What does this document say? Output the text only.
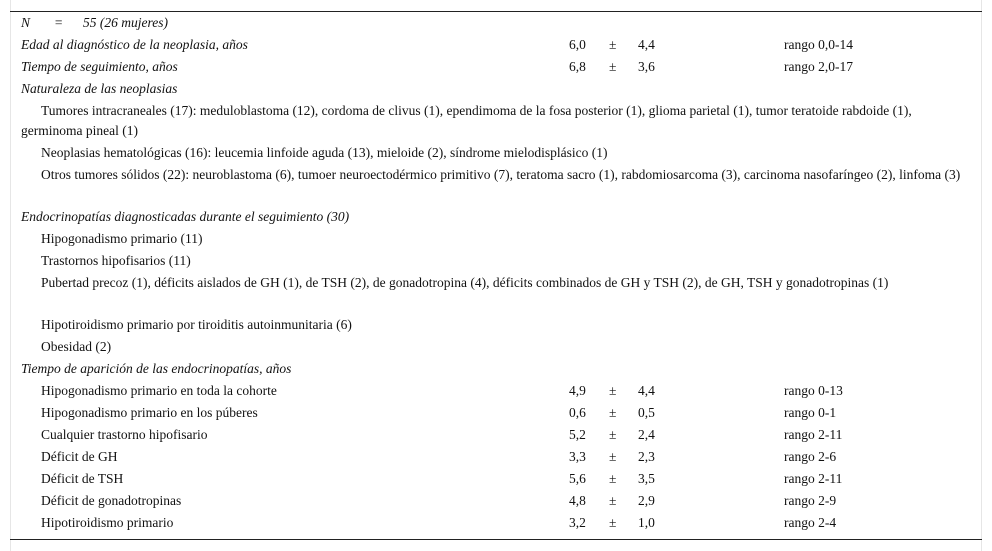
N	= 55 (26 mujeres)
Edad al diagnóstico de la neoplasia, años	6,0 ± 4,4	rango 0,0-14
Tiempo de seguimiento, años	6,8 ± 3,6	rango 2,0-17
Naturaleza de las neoplasias
Tumores intracraneales (17): meduloblastoma (12), cordoma de clivus (1), ependimoma de la fosa posterior (1), glioma parietal (1), tumor teratoide rabdoide (1), germinoma pineal (1)
Neoplasias hematológicas (16): leucemia linfoide aguda (13), mieloide (2), síndrome mielodisplásico (1)
Otros tumores sólidos (22): neuroblastoma (6), tumoer neuroectodérmico primitivo (7), teratoma sacro (1), rabdomiosarcoma (3), carcinoma nasofaríngeo (2), linfoma (3)
Endocrinopatías diagnosticadas durante el seguimiento (30)
Hipogonadismo primario (11)
Trastornos hipofisarios (11)
Pubertad precoz (1), déficits aislados de GH (1), de TSH (2), de gonadotropina (4), déficits combinados de GH y TSH (2), de GH, TSH y gonadotropinas (1)
Hipotiroidismo primario por tiroiditis autoinmunitaria (6)
Obesidad (2)
Tiempo de aparición de las endocrinopatías, años
Hipogonadismo primario en toda la cohorte	4,9 ± 4,4	rango 0-13
Hipogonadismo primario en los púberes	0,6 ± 0,5	rango 0-1
Cualquier trastorno hipofisario	5,2 ± 2,4	rango 2-11
Déficit de GH	3,3 ± 2,3	rango 2-6
Déficit de TSH	5,6 ± 3,5	rango 2-11
Déficit de gonadotropinas	4,8 ± 2,9	rango 2-9
Hipotiroidismo primario	3,2 ± 1,0	rango 2-4
